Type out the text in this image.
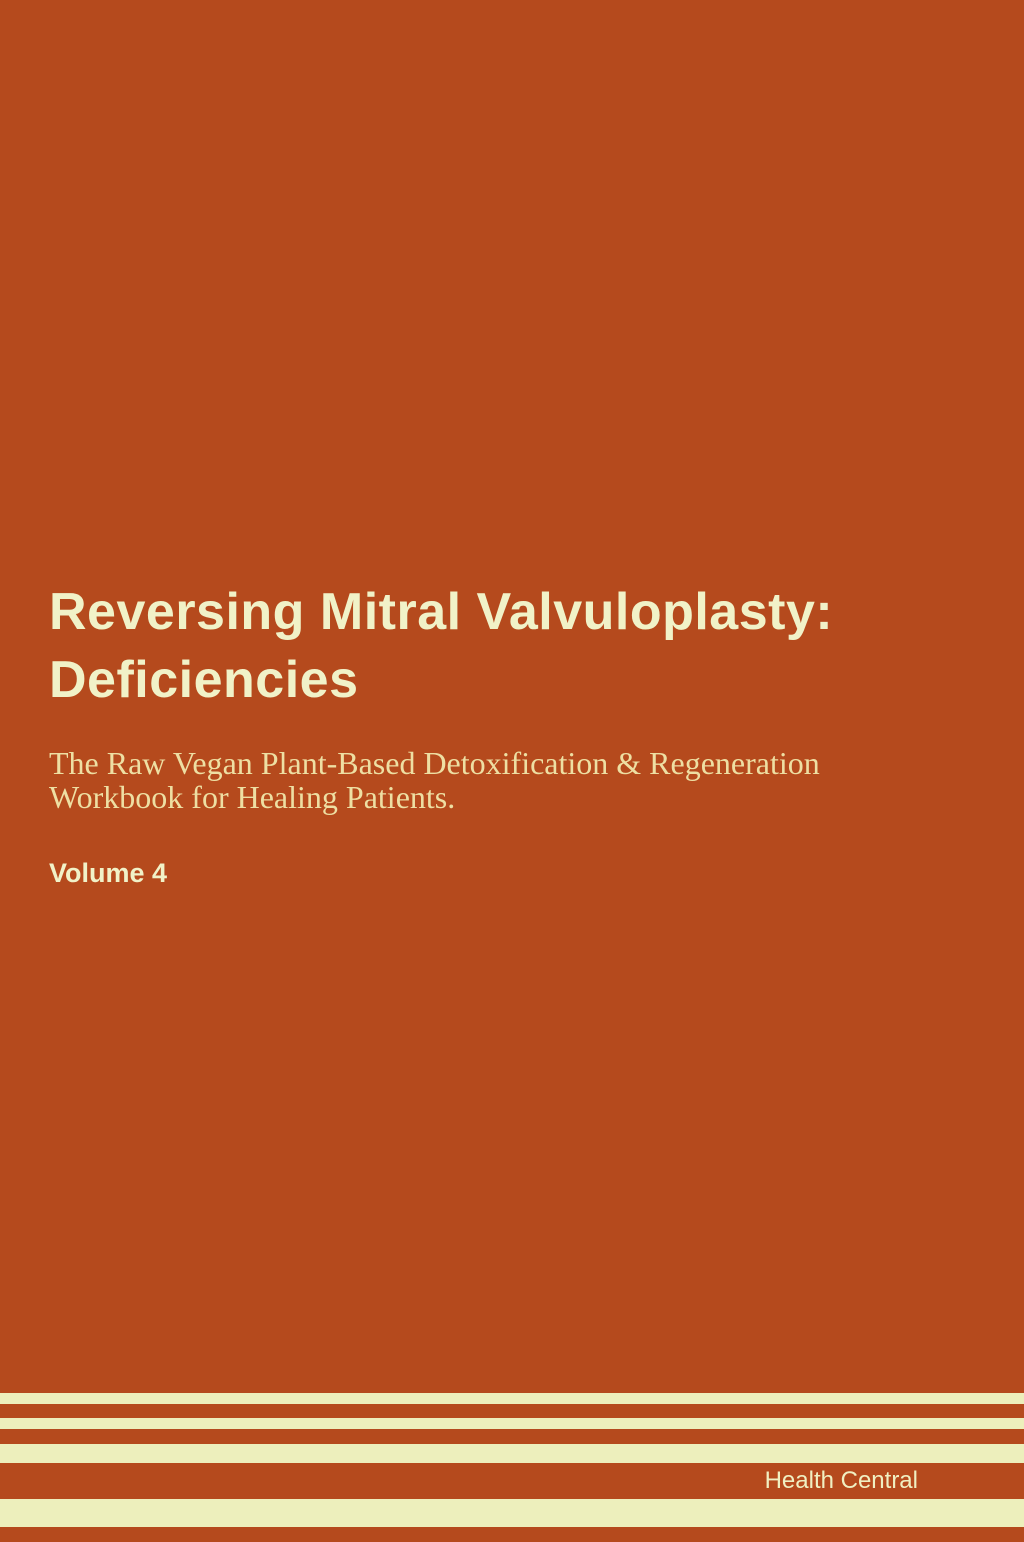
Reversing Mitral Valvuloplasty:
Deficiencies

The Raw Vegan Plant-Based Detoxification & Regeneration
Workbook for Healing Patients.

Volume 4

Health Central
